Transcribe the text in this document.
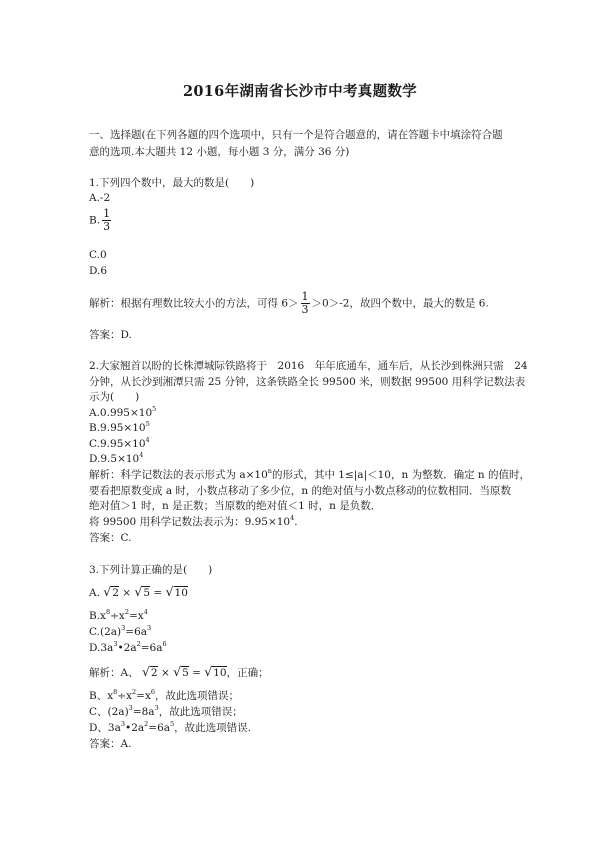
2016年湖南省长沙市中考真题数学
一、选择题(在下列各题的四个选项中，只有一个是符合题意的，请在答题卡中填涂符合题
意的选项.本大题共 12 小题，每小题 3 分，满分 36 分)
1.下列四个数中，最大的数是(　　)
A.-2
B. $\frac{1}{3}$
C.0
D.6
解析：根据有理数比较大小的方法，可得 $6> \frac{1}{3} >0>-2$，故四个数中，最大的数是 6.
答案：D.
2.大家翘首以盼的长株潭城际铁路将于　2016　年年底通车，通车后，从长沙到株洲只需　24
分钟，从长沙到湘潭只需 25 分钟，这条铁路全长 99500 米，则数据 99500 用科学记数法表
示为(　　)
$A.0.995\times 10^5$
$B.9.95\times 10^5$
$C.9.95\times 10^4$
$D.9.5\times 10^4$
解析：科学记数法的表示形式为 $a\times 10^n$的形式，其中 1≤|a|＜10，n 为整数．确定 n 的值时，
要看把原数变成 a 时，小数点移动了多少位，n 的绝对值与小数点移动的位数相同．当原数
绝对值＞1 时，n 是正数；当原数的绝对值＜1 时，n 是负数．
将 99500 用科学记数法表示为：$9.95\times 10^4$.
答案：C.
3.下列计算正确的是(　　)
A. √2 × √5 = √10
$B.x^8\div x^2=x^4$
$C.(2a)^3=6a^3$
$D.3a^3•2a^2=6a^6$
解析：A、 √2 × √5 = √10，正确；
B、$x^8\div x^2=x^6$，故此选项错误；
C、$(2a)^3=8a^3$，故此选项错误；
D、$3a^3•2a^2=6a^5$，故此选项错误.
答案：A.
